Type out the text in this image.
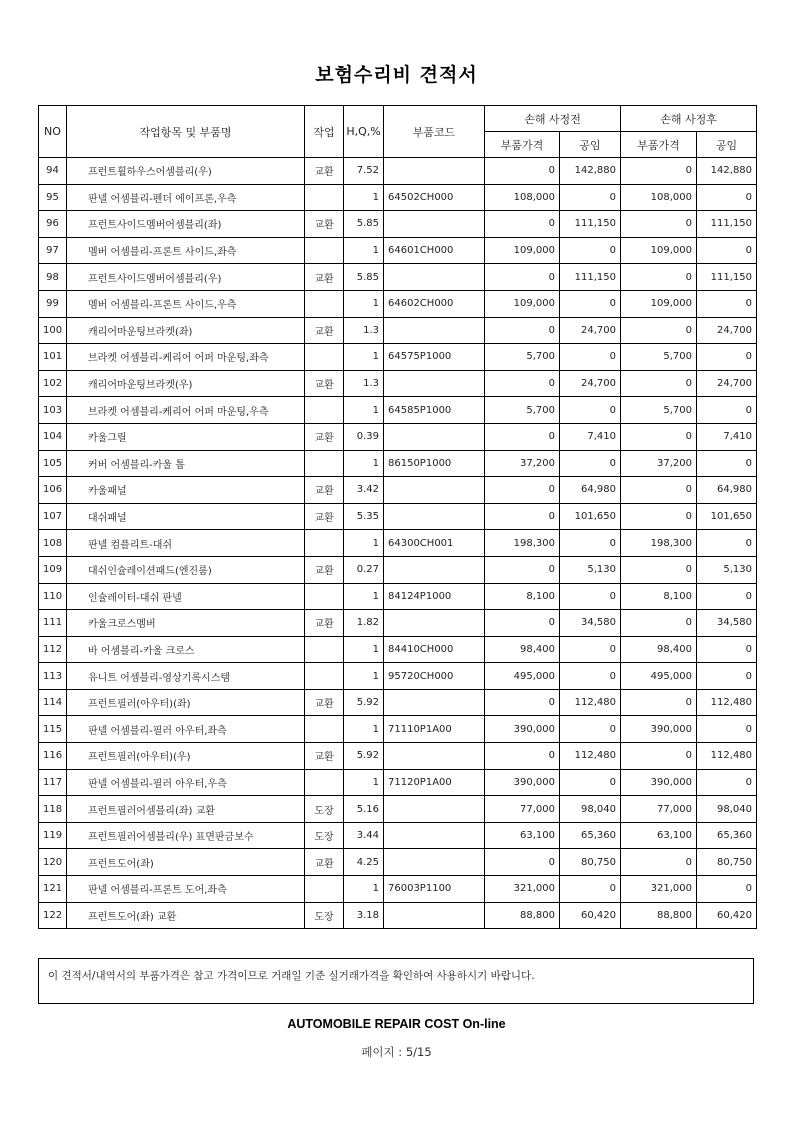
보험수리비 견적서
NO	작업항목 및 부품명	작업	H,Q,%	부품코드	손해 사정전		손해 사정후	
					부품가격	공임	부품가격	공임
94	프런트휠하우스어셈블리(우)	교환	7.52		0	142,880	0	142,880
95	판넬 어셈블리-펜더 에이프론,우측		1	64502CH000	108,000	0	108,000	0
96	프런트사이드멤버어셈블리(좌)	교환	5.85		0	111,150	0	111,150
97	멤버 어셈블리-프론트 사이드,좌측		1	64601CH000	109,000	0	109,000	0
98	프런트사이드멤버어셈블리(우)	교환	5.85		0	111,150	0	111,150
99	멤버 어셈블리-프론트 사이드,우측		1	64602CH000	109,000	0	109,000	0
100	캐리어마운팅브라켓(좌)	교환	1.3		0	24,700	0	24,700
101	브라켓 어셈블리-케리어 어퍼 마운팅,좌측		1	64575P1000	5,700	0	5,700	0
102	캐리어마운팅브라켓(우)	교환	1.3		0	24,700	0	24,700
103	브라켓 어셈블리-케리어 어퍼 마운팅,우측		1	64585P1000	5,700	0	5,700	0
104	카울그릴	교환	0.39		0	7,410	0	7,410
105	커버 어셈블리-카울 톱		1	86150P1000	37,200	0	37,200	0
106	카울패널	교환	3.42		0	64,980	0	64,980
107	대쉬패널	교환	5.35		0	101,650	0	101,650
108	판넬 컴플리트-대쉬		1	64300CH001	198,300	0	198,300	0
109	대쉬인슐레이션패드(엔진룸)	교환	0.27		0	5,130	0	5,130
110	인슐레이터-대쉬 판넬		1	84124P1000	8,100	0	8,100	0
111	카울크로스멤버	교환	1.82		0	34,580	0	34,580
112	바 어셈블리-카울 크로스		1	84410CH000	98,400	0	98,400	0
113	유니트 어셈블리-영상기록시스템		1	95720CH000	495,000	0	495,000	0
114	프런트필러(아우터)(좌)	교환	5.92		0	112,480	0	112,480
115	판넬 어셈블리-필러 아우터,좌측		1	71110P1A00	390,000	0	390,000	0
116	프런트필러(아우터)(우)	교환	5.92		0	112,480	0	112,480
117	판넬 어셈블리-필러 아우터,우측		1	71120P1A00	390,000	0	390,000	0
118	프런트필러어셈블리(좌) 교환	도장	5.16		77,000	98,040	77,000	98,040
119	프런트필러어셈블리(우) 표면판금보수	도장	3.44		63,100	65,360	63,100	65,360
120	프런트도어(좌)	교환	4.25		0	80,750	0	80,750
121	판넬 어셈블리-프론트 도어,좌측		1	76003P1100	321,000	0	321,000	0
122	프런트도어(좌) 교환	도장	3.18		88,800	60,420	88,800	60,420
이 견적서/내역서의 부품가격은 참고 가격이므로 거래일 기준 실거래가격을 확인하여 사용하시기 바랍니다.
AUTOMOBILE REPAIR COST On-line
페이지 : 5/15
